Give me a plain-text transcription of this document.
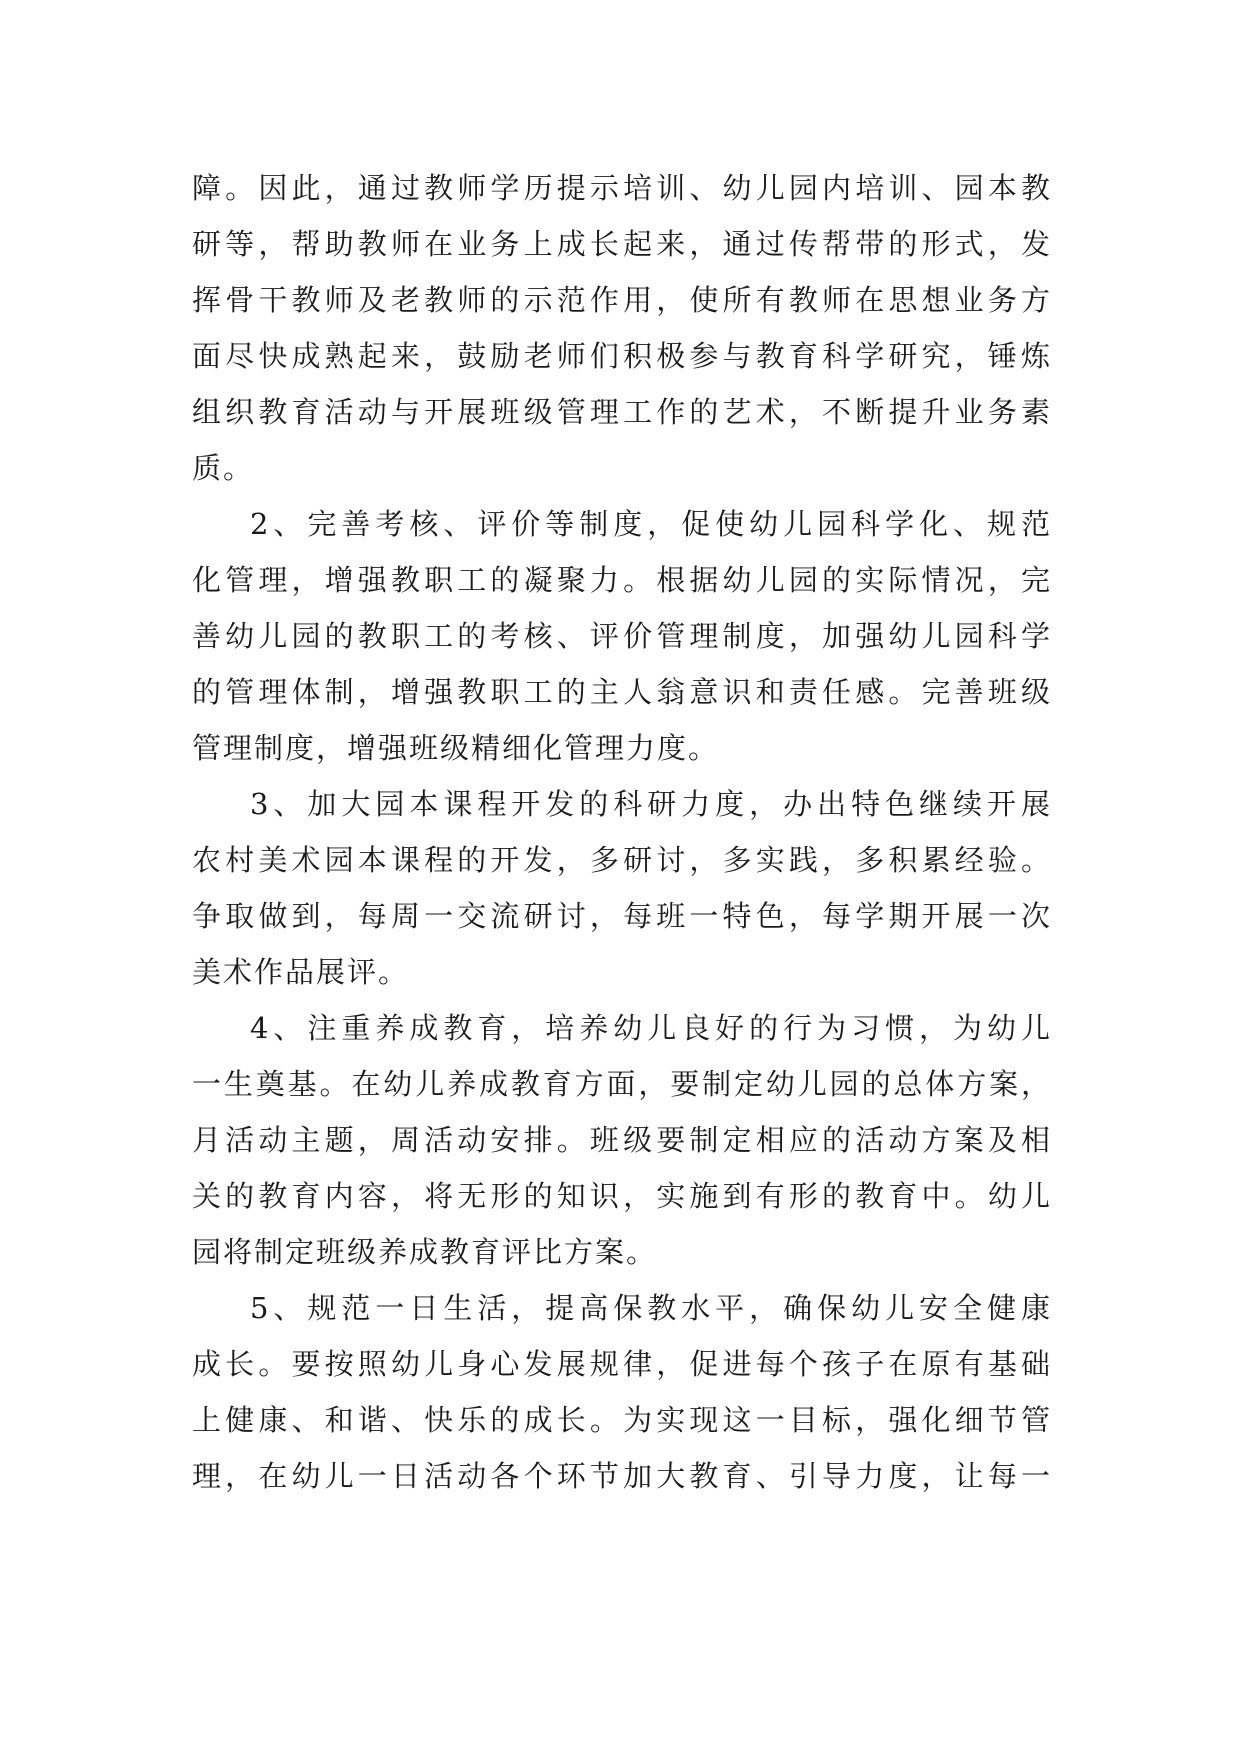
障。因此，通过教师学历提示培训、幼儿园内培训、园本教
研等，帮助教师在业务上成长起来，通过传帮带的形式，发
挥骨干教师及老教师的示范作用，使所有教师在思想业务方
面尽快成熟起来，鼓励老师们积极参与教育科学研究，锤炼
组织教育活动与开展班级管理工作的艺术，不断提升业务素
质。
2、完善考核、评价等制度，促使幼儿园科学化、规范
化管理，增强教职工的凝聚力。根据幼儿园的实际情况，完
善幼儿园的教职工的考核、评价管理制度，加强幼儿园科学
的管理体制，增强教职工的主人翁意识和责任感。完善班级
管理制度，增强班级精细化管理力度。
3、加大园本课程开发的科研力度，办出特色继续开展
农村美术园本课程的开发，多研讨，多实践，多积累经验。
争取做到，每周一交流研讨，每班一特色，每学期开展一次
美术作品展评。
4、注重养成教育，培养幼儿良好的行为习惯，为幼儿
一生奠基。在幼儿养成教育方面，要制定幼儿园的总体方案，
月活动主题，周活动安排。班级要制定相应的活动方案及相
关的教育内容，将无形的知识，实施到有形的教育中。幼儿
园将制定班级养成教育评比方案。
5、规范一日生活，提高保教水平，确保幼儿安全健康
成长。要按照幼儿身心发展规律，促进每个孩子在原有基础
上健康、和谐、快乐的成长。为实现这一目标，强化细节管
理，在幼儿一日活动各个环节加大教育、引导力度，让每一
